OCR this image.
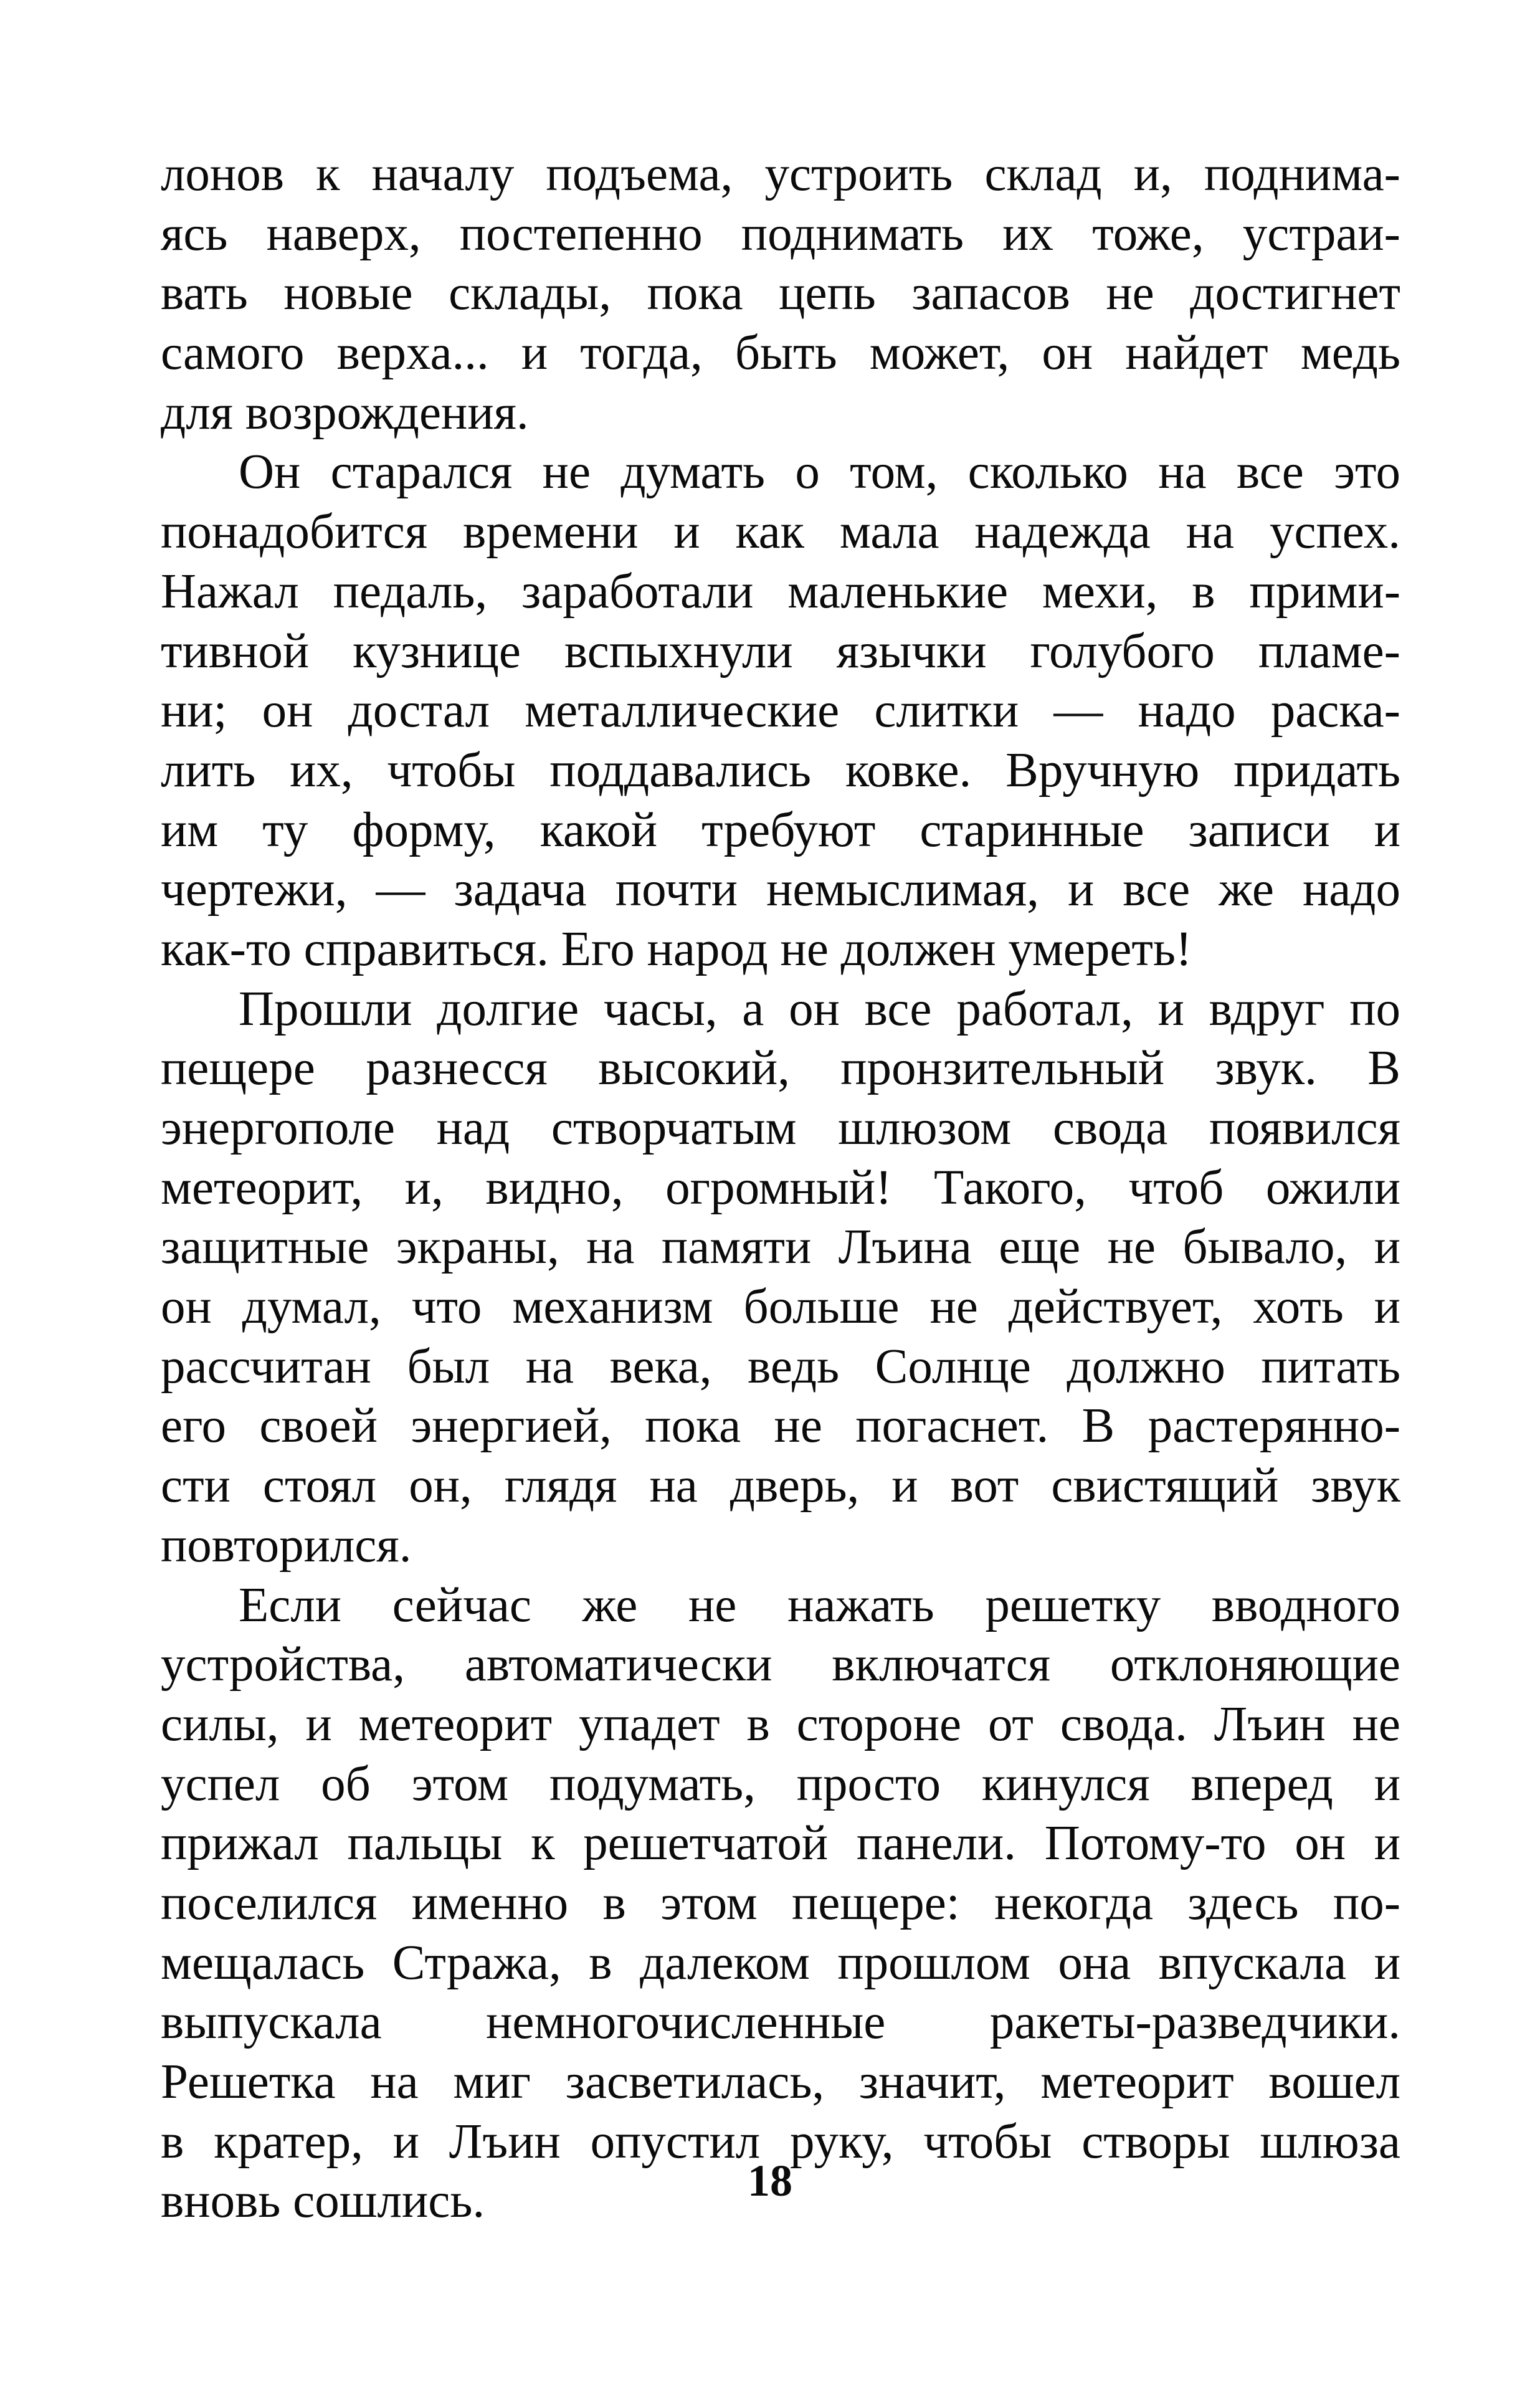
лонов к началу подъема, устроить склад и, поднима-
ясь наверх, постепенно поднимать их тоже, устраи-
вать новые склады, пока цепь запасов не достигнет
самого верха... и тогда, быть может, он найдет медь
для возрождения.
Он старался не думать о том, сколько на все это
понадобится времени и как мала надежда на успех.
Нажал педаль, заработали маленькие мехи, в прими-
тивной кузнице вспыхнули язычки голубого пламе-
ни; он достал металлические слитки — надо раска-
лить их, чтобы поддавались ковке. Вручную придать
им ту форму, какой требуют старинные записи и
чертежи, — задача почти немыслимая, и все же надо
как-то справиться. Его народ не должен умереть!
Прошли долгие часы, а он все работал, и вдруг по
пещере разнесся высокий, пронзительный звук. В
энергополе над створчатым шлюзом свода появился
метеорит, и, видно, огромный! Такого, чтоб ожили
защитные экраны, на памяти Лъина еще не бывало, и
он думал, что механизм больше не действует, хоть и
рассчитан был на века, ведь Солнце должно питать
его своей энергией, пока не погаснет. В растерянно-
сти стоял он, глядя на дверь, и вот свистящий звук
повторился.
Если сейчас же не нажать решетку вводного
устройства, автоматически включатся отклоняющие
силы, и метеорит упадет в стороне от свода. Лъин не
успел об этом подумать, просто кинулся вперед и
прижал пальцы к решетчатой панели. Потому-то он и
поселился именно в этом пещере: некогда здесь по-
мещалась Стража, в далеком прошлом она впускала и
выпускала немногочисленные ракеты-разведчики.
Решетка на миг засветилась, значит, метеорит вошел
в кратер, и Лъин опустил руку, чтобы створы шлюза
вновь сошлись.	18
